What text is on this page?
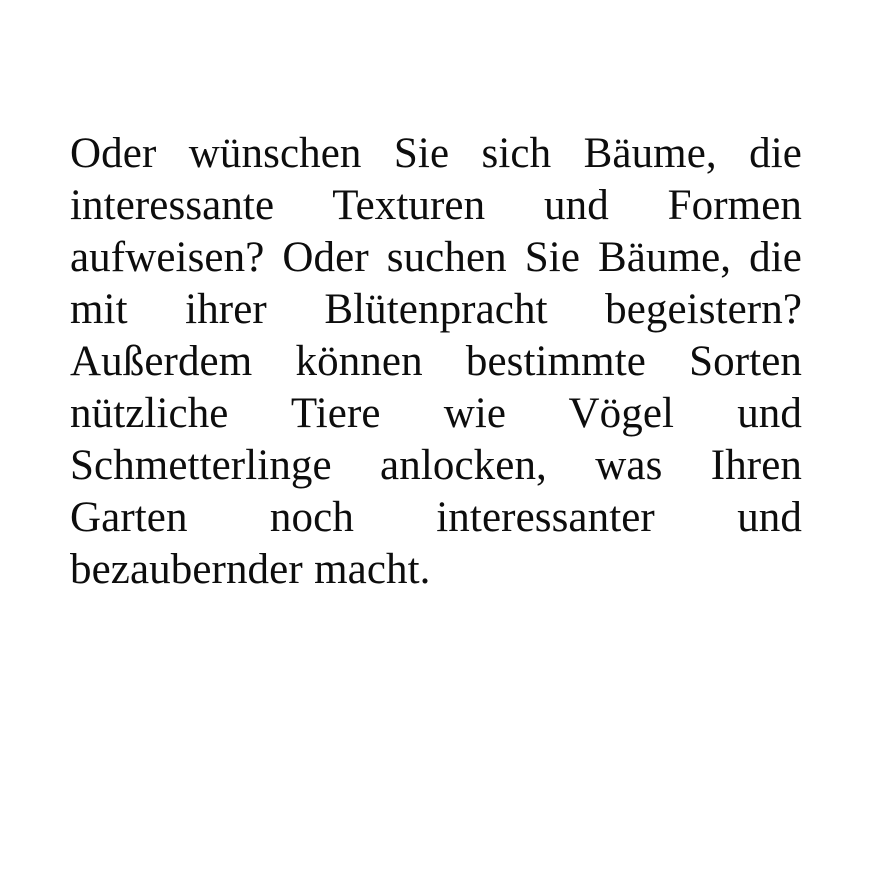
Oder wünschen Sie sich Bäume, die interessante Texturen und Formen aufweisen? Oder suchen Sie Bäume, die mit ihrer Blütenpracht begeistern? Außerdem können bestimmte Sorten nützliche Tiere wie Vögel und Schmetterlinge anlocken, was Ihren Garten noch interessanter und bezaubernder macht.
